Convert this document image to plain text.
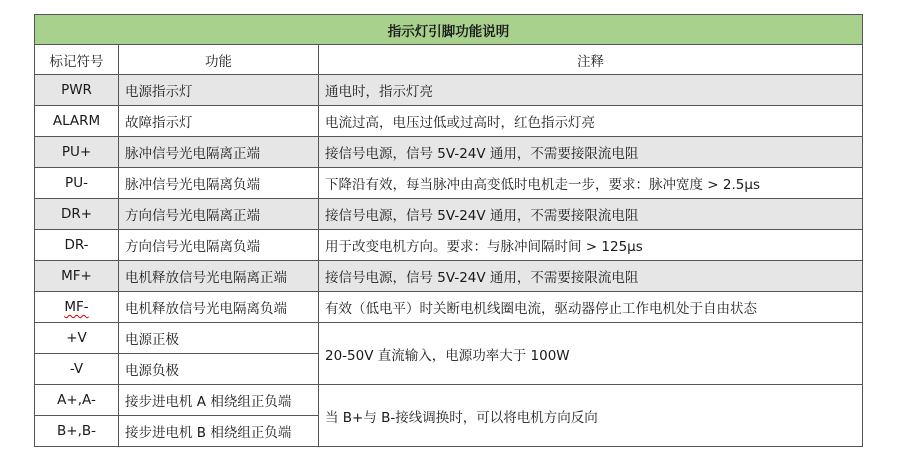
指示灯引脚功能说明		
标记符号	功能	注释
PWR	电源指示灯	通电时，指示灯亮
ALARM	故障指示灯	电流过高，电压过低或过高时，红色指示灯亮
PU+	脉冲信号光电隔离正端	接信号电源，信号 5V-24V 通用，不需要接限流电阻
PU-	脉冲信号光电隔离负端	下降沿有效，每当脉冲由高变低时电机走一步，要求：脉冲宽度 > 2.5μs
DR+	方向信号光电隔离正端	接信号电源，信号 5V-24V 通用，不需要接限流电阻
DR-	方向信号光电隔离负端	用于改变电机方向。要求：与脉冲间隔时间 > 125μs
MF+	电机释放信号光电隔离正端	接信号电源，信号 5V-24V 通用，不需要接限流电阻
MF-	电机释放信号光电隔离负端	有效（低电平）时关断电机线圈电流，驱动器停止工作电机处于自由状态
+V	电源正极	20-50V 直流输入，电源功率大于 100W
-V	电源负极	
A+,A-	接步进电机 A 相绕组正负端	当 B+与 B-接线调换时，可以将电机方向反向
B+,B-	接步进电机 B 相绕组正负端	
